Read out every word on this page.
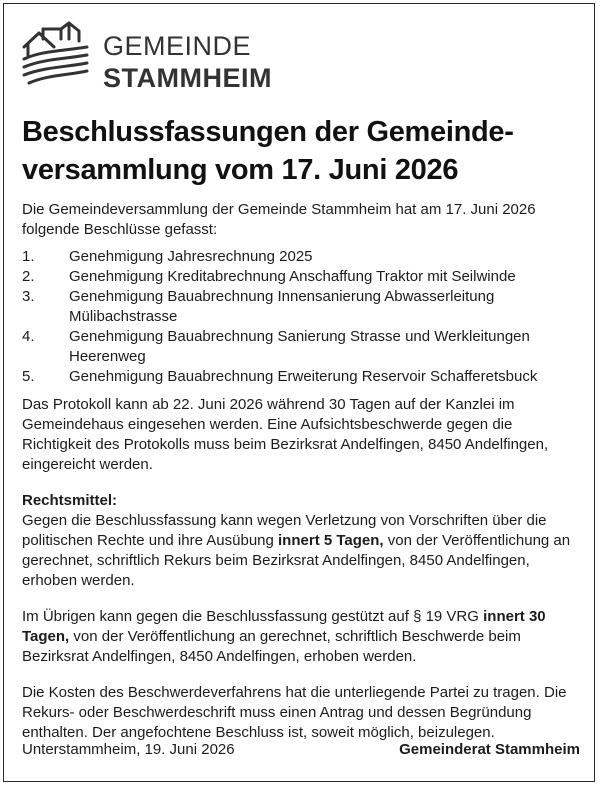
GEMEINDE
STAMMHEIM
Beschlussfassungen der Gemeinde-versammlung vom 17. Juni 2026

Die Gemeindeversammlung der Gemeinde Stammheim hat am 17. Juni 2026 folgende Beschlüsse gefasst:

1.	Genehmigung Jahresrechnung 2025
2.	Genehmigung Kreditabrechnung Anschaffung Traktor mit Seilwinde
3.	Genehmigung Bauabrechnung Innensanierung Abwasserleitung Mülibachstrasse
4.	Genehmigung Bauabrechnung Sanierung Strasse und Werkleitungen Heerenweg
5.	Genehmigung Bauabrechnung Erweiterung Reservoir Schafferetsbuck

Das Protokoll kann ab 22. Juni 2026 während 30 Tagen auf der Kanzlei im Gemeindehaus eingesehen werden. Eine Aufsichtsbeschwerde gegen die Richtigkeit des Protokolls muss beim Bezirksrat Andelfingen, 8450 Andelfingen, eingereicht werden.

Rechtsmittel:

Gegen die Beschlussfassung kann wegen Verletzung von Vorschriften über die politischen Rechte und ihre Ausübung innert 5 Tagen, von der Veröffentlichung an gerechnet, schriftlich Rekurs beim Bezirksrat Andelfingen, 8450 Andelfingen, erhoben werden.

Im Übrigen kann gegen die Beschlussfassung gestützt auf § 19 VRG innert 30 Tagen, von der Veröffentlichung an gerechnet, schriftlich Beschwerde beim Bezirksrat Andelfingen, 8450 Andelfingen, erhoben werden.

Die Kosten des Beschwerdeverfahrens hat die unterliegende Partei zu tragen. Die Rekurs- oder Beschwerdeschrift muss einen Antrag und dessen Begründung enthalten. Der angefochtene Beschluss ist, soweit möglich, beizulegen.

Unterstammheim, 19. Juni 2026	Gemeinderat Stammheim
